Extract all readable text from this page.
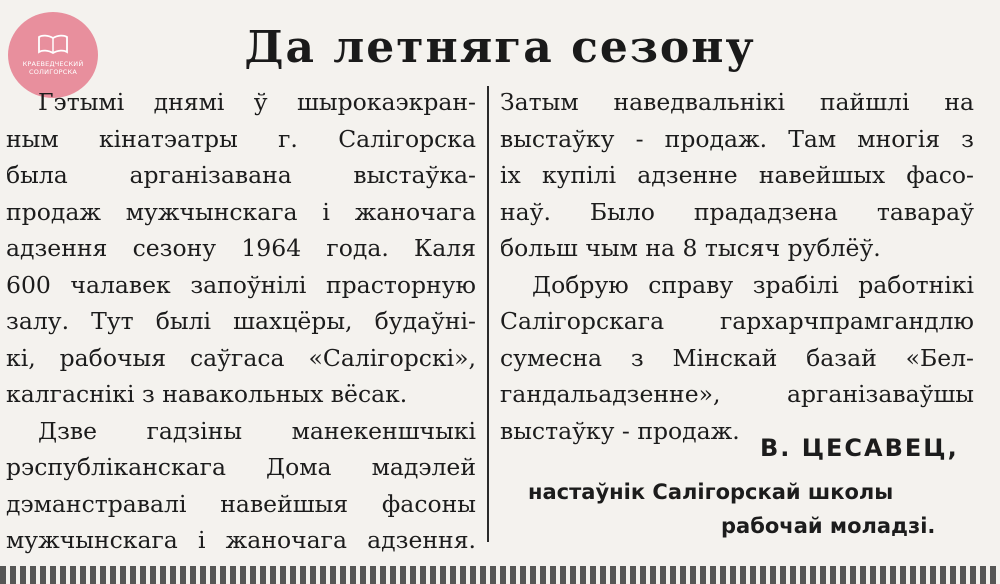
КРАЕВЕДЧЕСКИЙ
СОЛИГОРСКА	Да летняга сезону
Гэтымі днямі ў шырокаэкран-
ным кінатэатры г. Салігорска
была арганізавана выстаўка-
продаж мужчынскага і жаночага
адзення сезону 1964 года. Каля
600 чалавек запоўнілі прасторную
залу. Тут былі шахцёры, будаўні-
кі, рабочыя саўгаса «Салігорскі»,
калгаснікі з навакольных вёсак.
Дзве гадзіны манекеншчыкі
рэспубліканскага Дома мадэлей
дэманстравалі навейшыя фасоны
мужчынскага і жаночага адзення.
Затым наведвальнікі пайшлі на
выстаўку - продаж. Там многія з
іх купілі адзенне навейшых фасо-
наў. Было прададзена тавараў
больш чым на 8 тысяч рублёў.
Добрую справу зрабілі работнікі
Салігорскага гархарчпрамгандлю
сумесна з Мінскай базай «Бел-
гандальадзенне», арганізаваўшы
выстаўку - продаж.
В. ЦЕСАВЕЦ,
настаўнік Салігорскай школы
рабочай моладзі.
